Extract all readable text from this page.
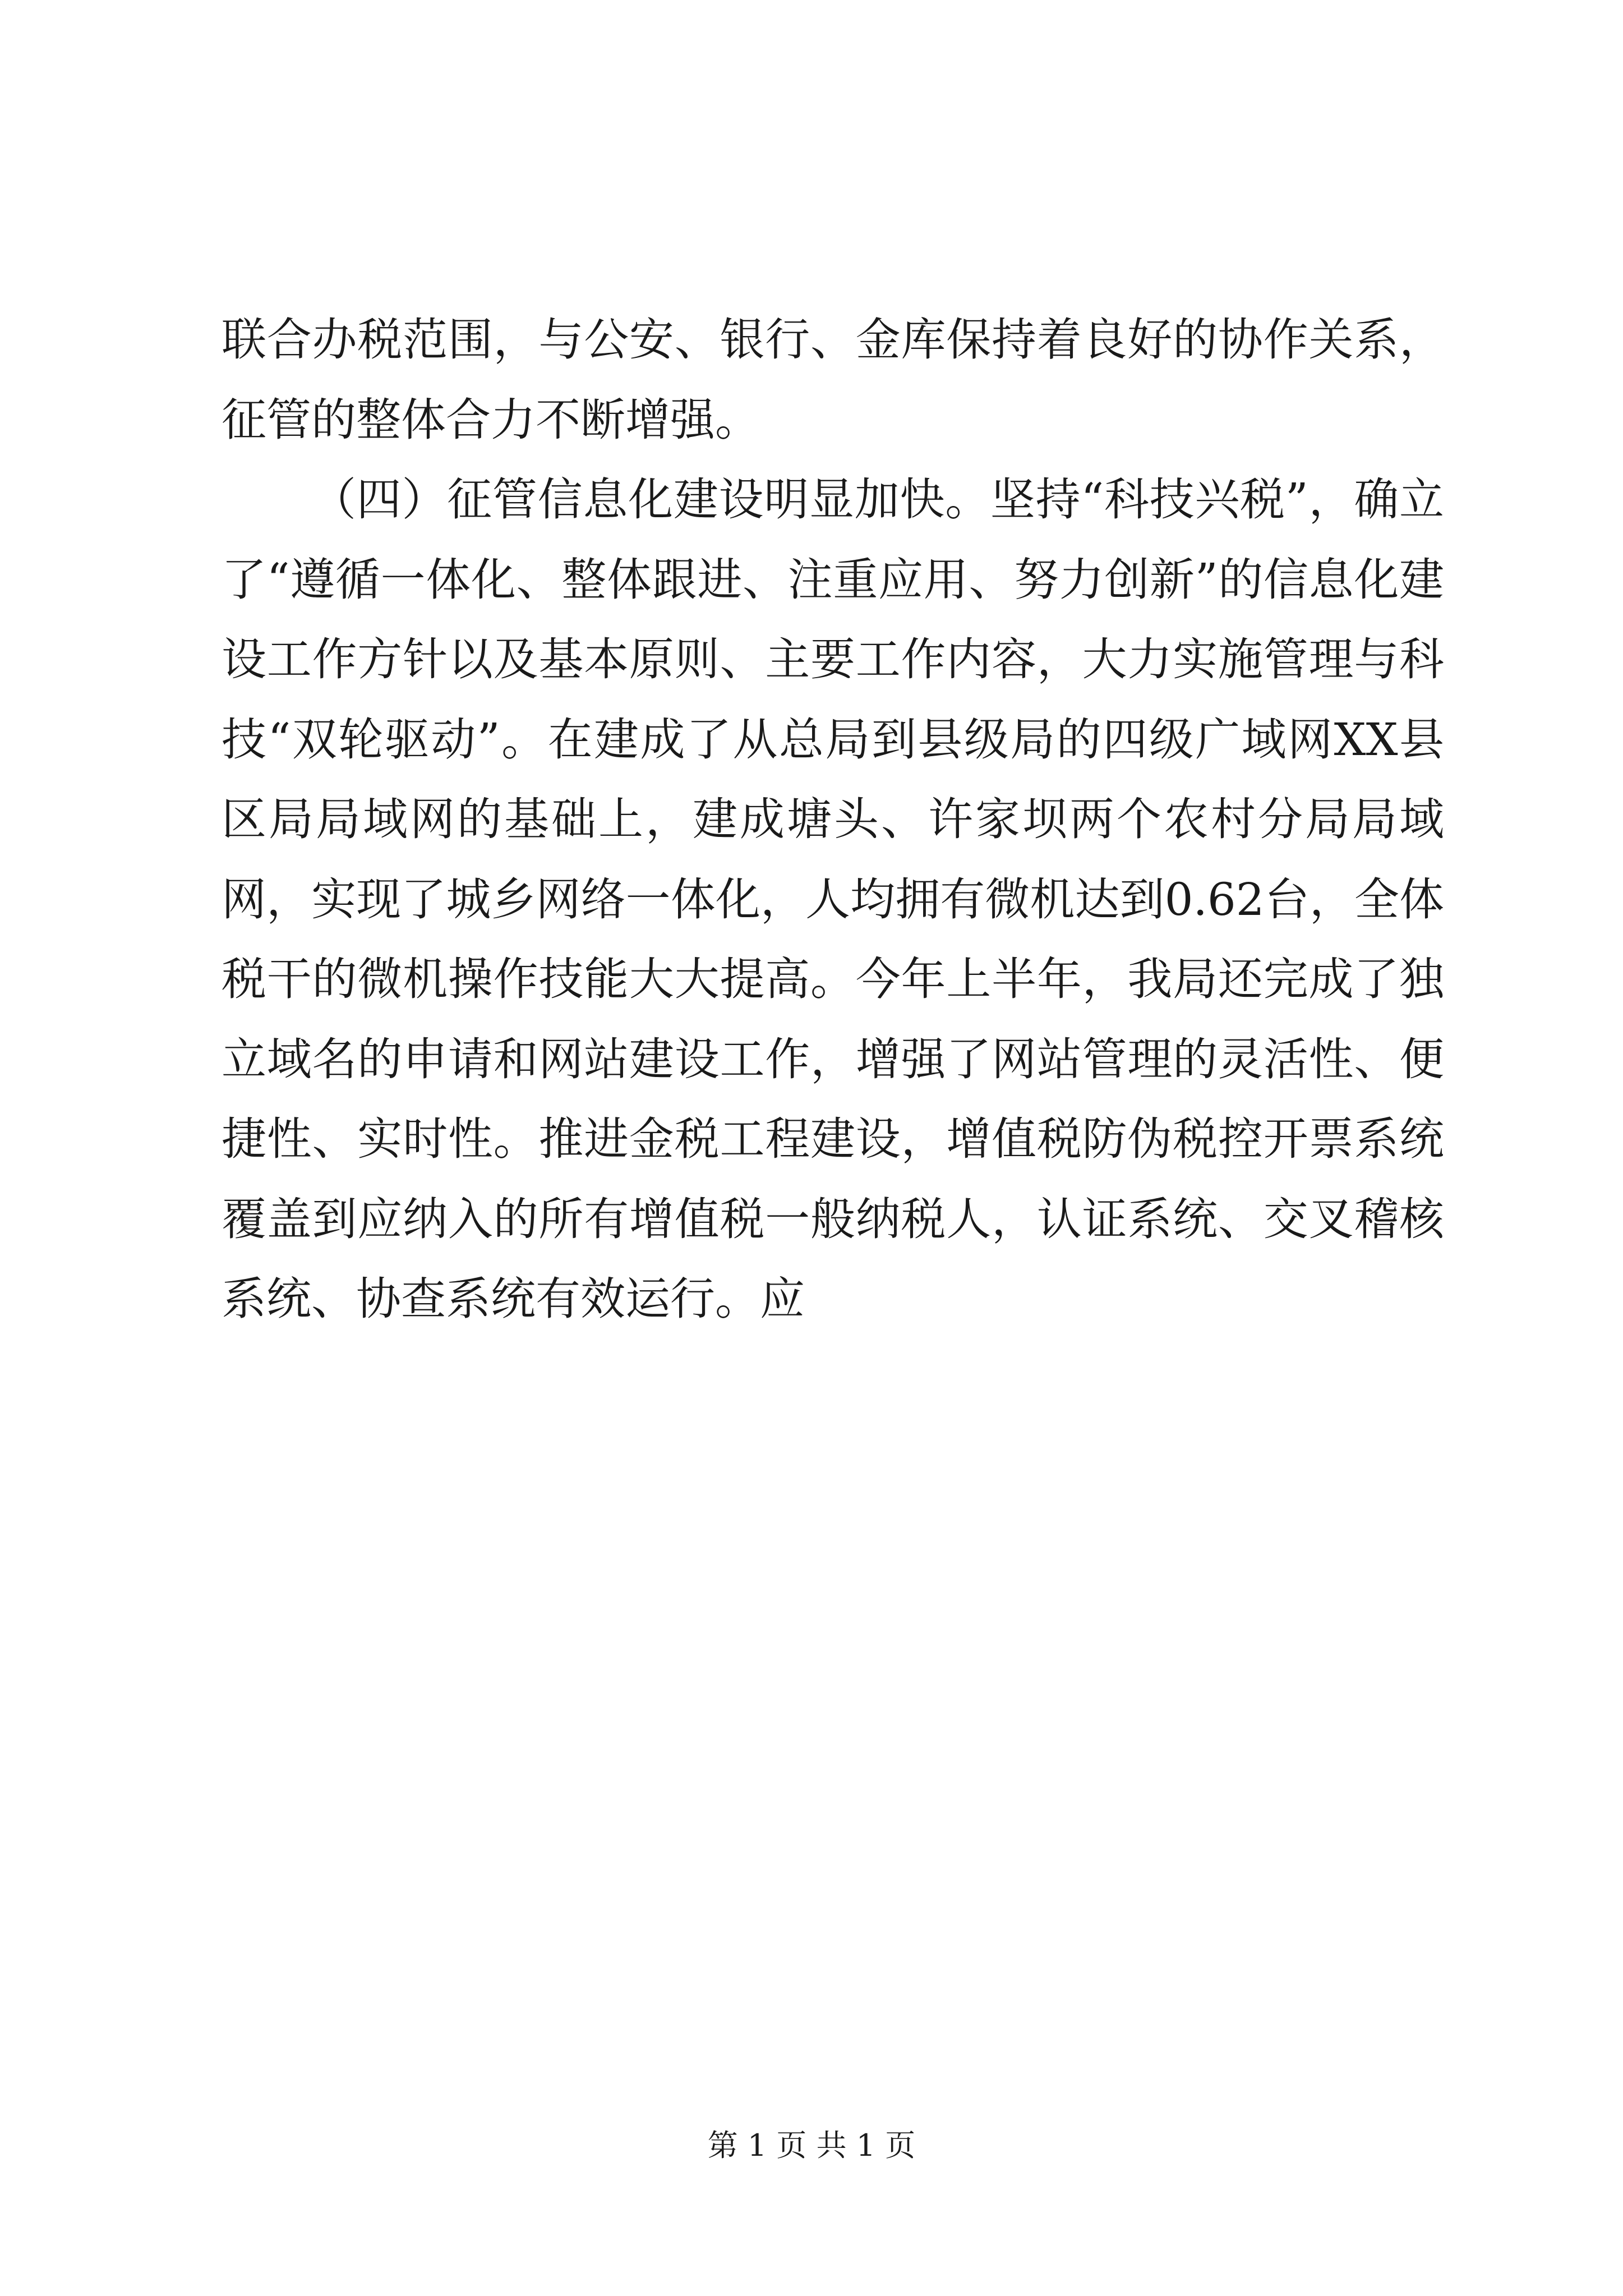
联合办税范围，与公安、银行、金库保持着良好的协作关系，征管的整体合力不断增强。

（四）征管信息化建设明显加快。坚持“科技兴税”，确立了“遵循一体化、整体跟进、注重应用、努力创新”的信息化建设工作方针以及基本原则、主要工作内容，大力实施管理与科技“双轮驱动”。在建成了从总局到县级局的四级广域网XX县区局局域网的基础上，建成塘头、许家坝两个农村分局局域网，实现了城乡网络一体化，人均拥有微机达到0.62台，全体税干的微机操作技能大大提高。今年上半年，我局还完成了独立域名的申请和网站建设工作，增强了网站管理的灵活性、便捷性、实时性。推进金税工程建设，增值税防伪税控开票系统覆盖到应纳入的所有增值税一般纳税人，认证系统、交叉稽核系统、协查系统有效运行。应

第 1 页 共 1 页
